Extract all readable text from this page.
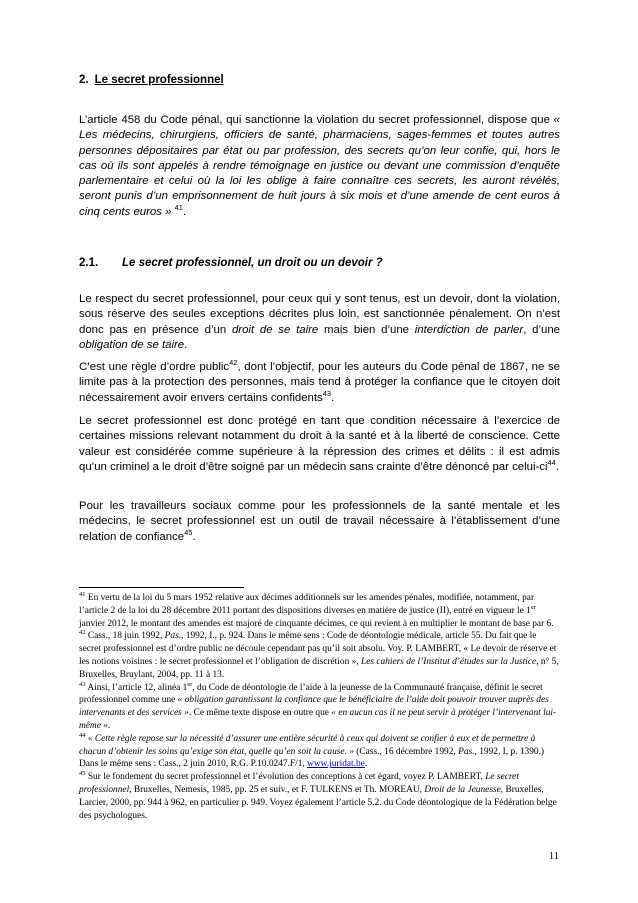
2. Le secret professionnel

L’article 458 du Code pénal, qui sanctionne la violation du secret professionnel, dispose que « Les médecins, chirurgiens, officiers de santé, pharmaciens, sages-femmes et toutes autres personnes dépositaires par état ou par profession, des secrets qu’on leur confie, qui, hors le cas où ils sont appelés à rendre témoignage en justice ou devant une commission d’enquête parlementaire et celui où la loi les oblige à faire connaître ces secrets, les auront révélés, seront punis d’un emprisonnement de huit jours à six mois et d’une amende de cent euros à cinq cents euros » $^{41}$.

2.1. Le secret professionnel, un droit ou un devoir ?

Le respect du secret professionnel, pour ceux qui y sont tenus, est un devoir, dont la violation, sous réserve des seules exceptions décrites plus loin, est sanctionnée pénalement. On n’est donc pas en présence d’un droit de se taire mais bien d’une interdiction de parler, d’une obligation de se taire.

C’est une règle d’ordre public$^{42}$, dont l’objectif, pour les auteurs du Code pénal de 1867, ne se limite pas à la protection des personnes, mais tend à protéger la confiance que le citoyen doit nécessairement avoir envers certains confidents$^{43}$.

Le secret professionnel est donc protégé en tant que condition nécessaire à l’exercice de certaines missions relevant notamment du droit à la santé et à la liberté de conscience. Cette valeur est considérée comme supérieure à la répression des crimes et délits : il est admis qu’un criminel a le droit d’être soigné par un médecin sans crainte d’être dénoncé par celui-$ci^{44}$.

Pour les travailleurs sociaux comme pour les professionnels de la santé mentale et les médecins, le secret professionnel est un outil de travail nécessaire à l’établissement d’une relation de confiance$^{45}$.

$^{41}$ En vertu de la loi du 5 mars 1952 relative aux décimes additionnels sur les amendes pénales, modifiée, notamment, par l’article 2 de la loi du 28 décembre 2011 portant des dispositions diverses en matière de justice (II), entré en vigueur le 1er janvier 2012, le montant des amendes est majoré de cinquante décimes, ce qui revient à en multiplier le montant de base par 6.

$^{42}$ Cass., 18 juin 1992, Pas., 1992, I., p. 924. Dans le même sens : Code de déontologie médicale, article 55. Du fait que le secret professionnel est d’ordre public ne découle cependant pas qu’il soit absolu. Voy. P. LAMBERT, « Le devoir de réserve et les notions voisines : le secret professionnel et l’obligation de discrétion », Les cahiers de l’Institut d’études sur la Justice, n° 5, Bruxelles, Bruylant, 2004, pp. 11 à 13.

$^{43}$ Ainsi, l’article 12, alinéa 1er, du Code de déontologie de l’aide à la jeunesse de la Communauté française, définit le secret professionnel comme une « obligation garantissant la confiance que le bénéficiaire de l’aide doit pouvoir trouver auprès des intervenants et des services ». Ce même texte dispose en outre que « en aucun cas il ne peut servir à protéger l’intervenant lui-même ».

$^{44}$ « Cette règle repose sur la nécessité d’assurer une entière sécurité à ceux qui doivent se confier à eux et de permettre à chacun d’obtenir les soins qu’exige son état, quelle qu’en soit la cause. » (Cass., 16 décembre 1992, Pas., 1992, I, p. 1390.) Dans le même sens : Cass., 2 juin 2010, R.G. P.10.0247.F/1, www.juridat.be.

$^{45}$ Sur le fondement du secret professionnel et l’évolution des conceptions à cet égard, voyez P. LAMBERT, Le secret professionnel, Bruxelles, Nemesis, 1985, pp. 25 et suiv., et F. TULKENS et Th. MOREAU, Droit de la Jeunesse, Bruxelles, Larcier, 2000, pp. 944 à 962, en particulier p. 949. Voyez également l’article 5.2. du Code déontologique de la Fédération belge des psychologues.

11
